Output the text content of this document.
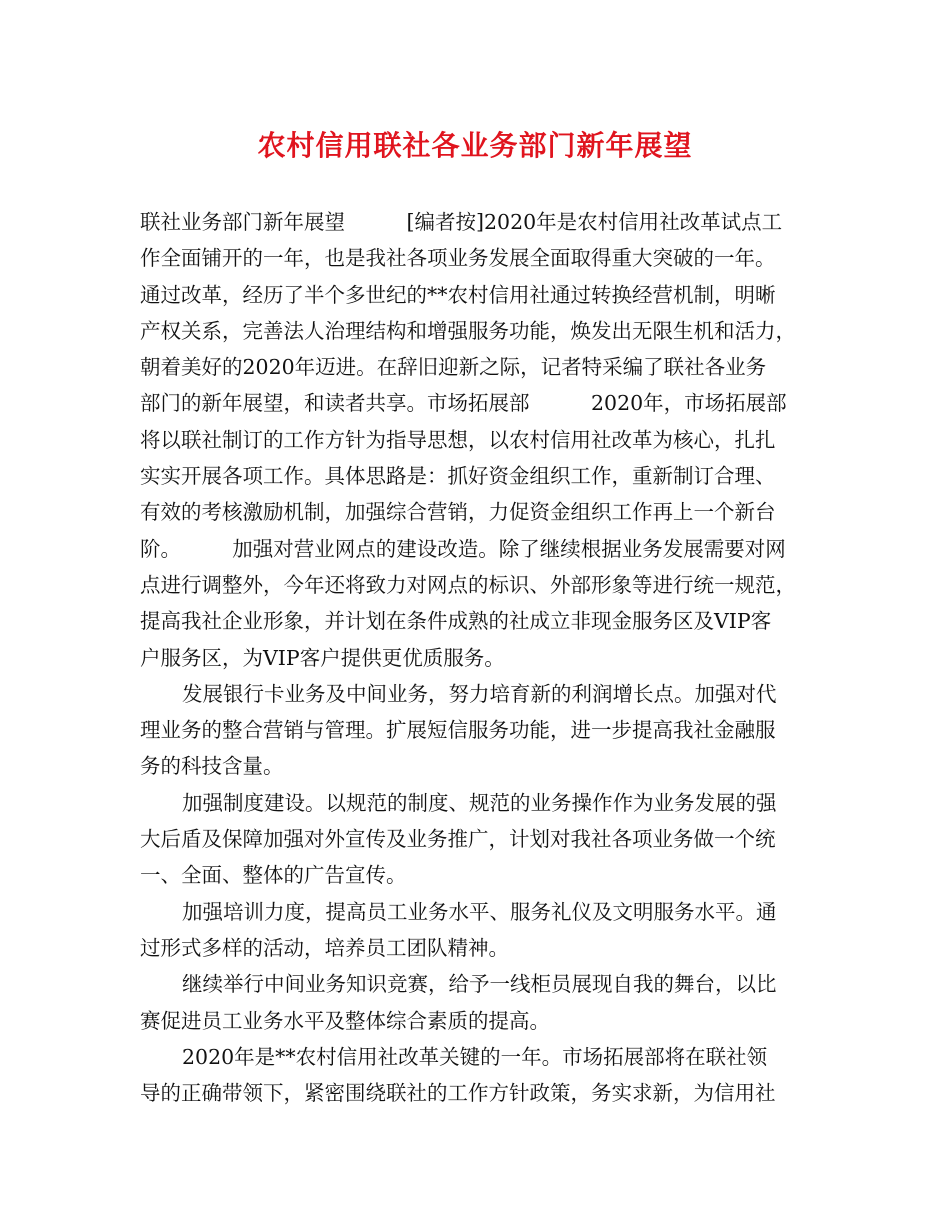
农村信用联社各业务部门新年展望
联社业务部门新年展望　　　[编者按]2020年是农村信用社改革试点工
作全面铺开的一年，也是我社各项业务发展全面取得重大突破的一年。
通过改革，经历了半个多世纪的**农村信用社通过转换经营机制，明晰
产权关系，完善法人治理结构和增强服务功能，焕发出无限生机和活力，
朝着美好的2020年迈进。在辞旧迎新之际，记者特采编了联社各业务
部门的新年展望，和读者共享。市场拓展部　　　2020年，市场拓展部
将以联社制订的工作方针为指导思想，以农村信用社改革为核心，扎扎
实实开展各项工作。具体思路是：抓好资金组织工作，重新制订合理、
有效的考核激励机制，加强综合营销，力促资金组织工作再上一个新台
阶。　　　加强对营业网点的建设改造。除了继续根据业务发展需要对网
点进行调整外，今年还将致力对网点的标识、外部形象等进行统一规范，
提高我社企业形象，并计划在条件成熟的社成立非现金服务区及VIP客
户服务区，为VIP客户提供更优质服务。
发展银行卡业务及中间业务，努力培育新的利润增长点。加强对代
理业务的整合营销与管理。扩展短信服务功能，进一步提高我社金融服
务的科技含量。
加强制度建设。以规范的制度、规范的业务操作作为业务发展的强
大后盾及保障加强对外宣传及业务推广，计划对我社各项业务做一个统
一、全面、整体的广告宣传。
加强培训力度，提高员工业务水平、服务礼仪及文明服务水平。通
过形式多样的活动，培养员工团队精神。
继续举行中间业务知识竞赛，给予一线柜员展现自我的舞台，以比
赛促进员工业务水平及整体综合素质的提高。
2020年是**农村信用社改革关键的一年。市场拓展部将在联社领
导的正确带领下，紧密围绕联社的工作方针政策，务实求新，为信用社
